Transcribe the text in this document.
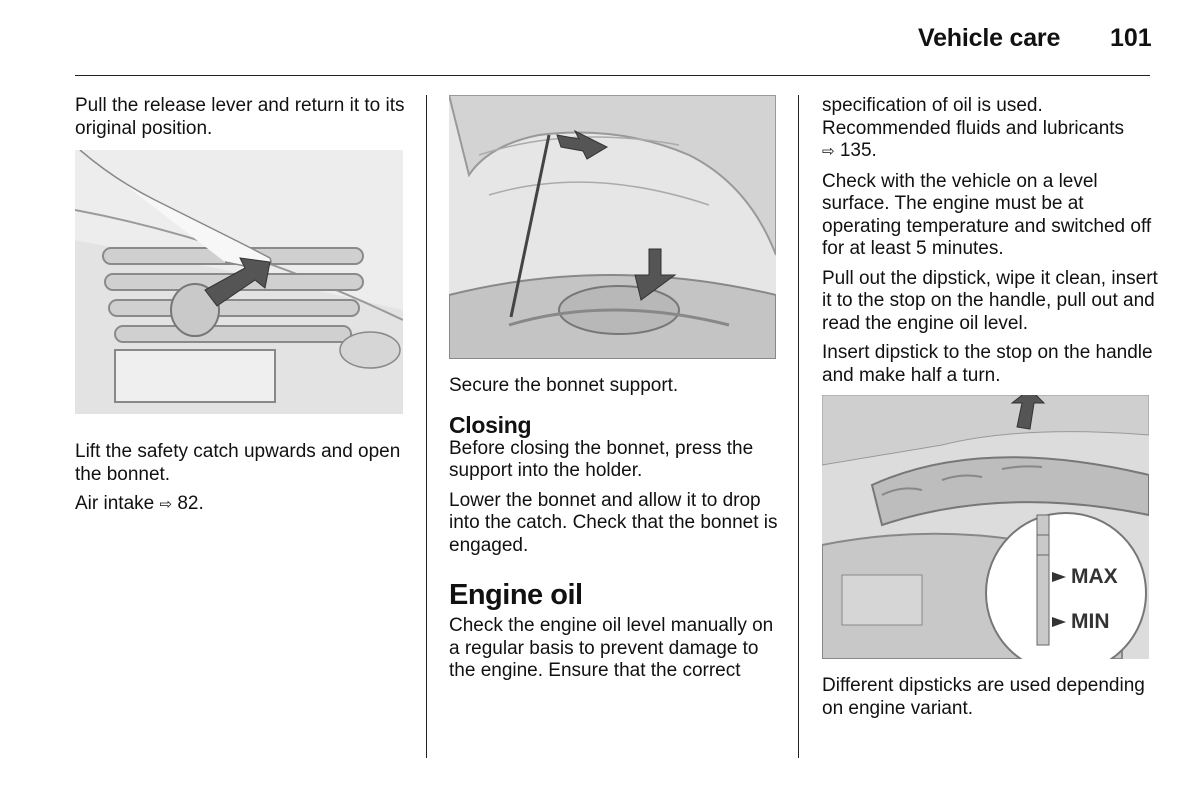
Vehicle care 101

Pull the release lever and return it to its original position.

Lift the safety catch upwards and open the bonnet.

Air intake ⇨ 82.

Secure the bonnet support.

Closing

Before closing the bonnet, press the support into the holder.

Lower the bonnet and allow it to drop into the catch. Check that the bonnet is engaged.

Engine oil

Check the engine oil level manually on a regular basis to prevent damage to the engine. Ensure that the correct

specification of oil is used. Recommended fluids and lubricants
⇨ 135.

Check with the vehicle on a level surface. The engine must be at operating temperature and switched off for at least 5 minutes.

Pull out the dipstick, wipe it clean, insert it to the stop on the handle, pull out and read the engine oil level.

Insert dipstick to the stop on the handle and make half a turn.

MAX
MIN

Different dipsticks are used depending on engine variant.
